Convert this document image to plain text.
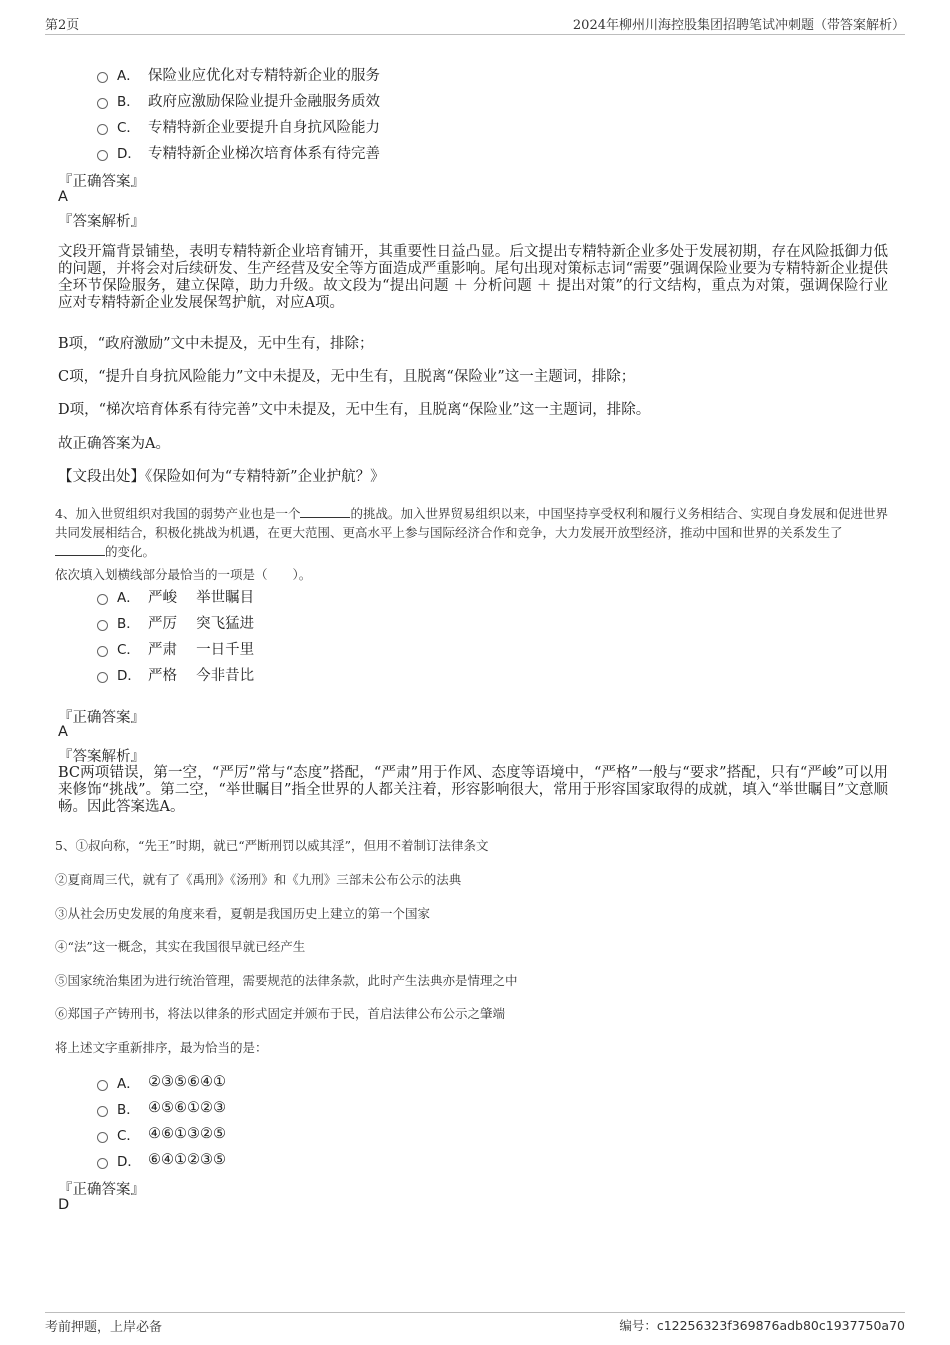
第2页	2024年柳州川海控股集团招聘笔试冲刺题（带答案解析）
A． 保险业应优化对专精特新企业的服务
B． 政府应激励保险业提升金融服务质效
C． 专精特新企业要提升自身抗风险能力
D． 专精特新企业梯次培育体系有待完善
『正确答案』
A
『答案解析』
文段开篇背景铺垫，表明专精特新企业培育铺开，其重要性日益凸显。后文提出专精特新企业多处于发展初期，存在风险抵御力低的问题，并将会对后续研发、生产经营及安全等方面造成严重影响。尾句出现对策标志词“需要”强调保险业要为专精特新企业提供全环节保险服务，建立保障，助力升级。故文段为“提出问题 ＋ 分析问题 ＋ 提出对策”的行文结构，重点为对策，强调保险行业应对专精特新企业发展保驾护航，对应A项。
B项，“政府激励”文中未提及，无中生有，排除；
C项，“提升自身抗风险能力”文中未提及，无中生有，且脱离“保险业”这一主题词，排除；
D项，“梯次培育体系有待完善”文中未提及，无中生有，且脱离“保险业”这一主题词，排除。
故正确答案为A。
【文段出处】《保险如何为“专精特新”企业护航？》
4、加入世贸组织对我国的弱势产业也是一个	的挑战。加入世界贸易组织以来，中国坚持享受权利和履行义务相结合、实现自身发展和促进世界共同发展相结合，积极化挑战为机遇，在更大范围、更高水平上参与国际经济合作和竞争，大力发展开放型经济，推动中国和世界的关系发生了的变化。
依次填入划横线部分最恰当的一项是（　　）。
A． 严峻　 举世瞩目
B． 严厉　 突飞猛进
C． 严肃　 一日千里
D． 严格　 今非昔比
『正确答案』
A
『答案解析』
BC两项错误，第一空，“严厉”常与“态度”搭配，“严肃”用于作风、态度等语境中，“严格”一般与“要求”搭配，只有“严峻”可以用来修饰“挑战”。第二空，“举世瞩目”指全世界的人都关注着，形容影响很大，常用于形容国家取得的成就，填入“举世瞩目”文意顺畅。因此答案选A。
5、①叔向称，“先王”时期，就已“严断刑罚以威其淫”，但用不着制订法律条文
②夏商周三代，就有了《禹刑》《汤刑》和《九刑》三部未公布公示的法典
③从社会历史发展的角度来看，夏朝是我国历史上建立的第一个国家
④“法”这一概念，其实在我国很早就已经产生
⑤国家统治集团为进行统治管理，需要规范的法律条款，此时产生法典亦是情理之中
⑥郑国子产铸刑书，将法以律条的形式固定并颁布于民，首启法律公布公示之肇端
将上述文字重新排序，最为恰当的是：
A． ②③⑤⑥④①
B． ④⑤⑥①②③
C． ④⑥①③②⑤
D． ⑥④①②③⑤
『正确答案』
D
考前押题，上岸必备	编号：c12256323f369876adb80c1937750a70
